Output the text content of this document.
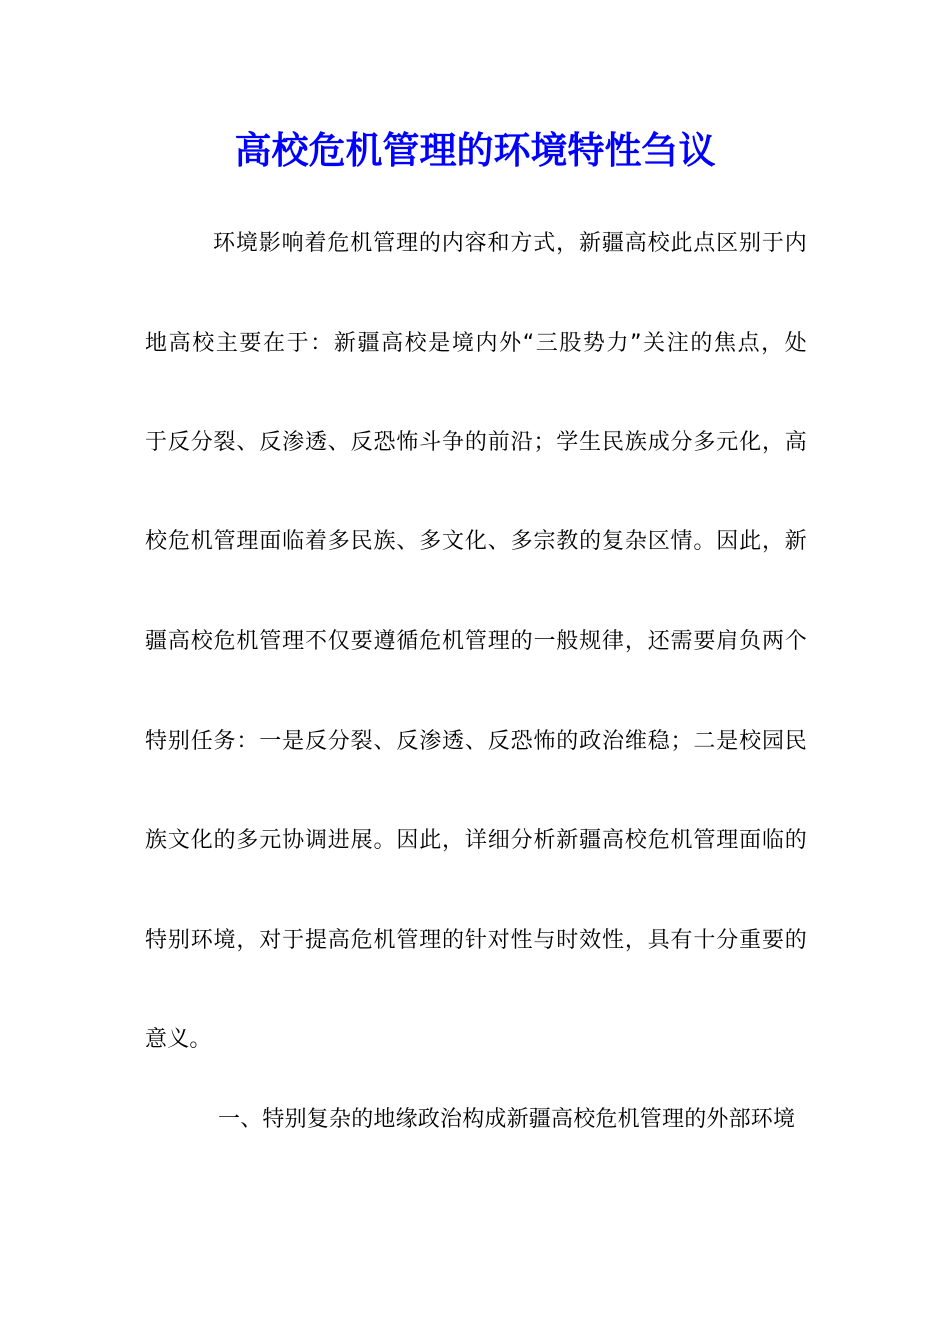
高校危机管理的环境特性刍议
环境影响着危机管理的内容和方式，新疆高校此点区别于内
地高校主要在于：新疆高校是境内外“三股势力”关注的焦点，处
于反分裂、反渗透、反恐怖斗争的前沿；学生民族成分多元化，高
校危机管理面临着多民族、多文化、多宗教的复杂区情。因此，新
疆高校危机管理不仅要遵循危机管理的一般规律，还需要肩负两个
特别任务：一是反分裂、反渗透、反恐怖的政治维稳；二是校园民
族文化的多元协调进展。因此，详细分析新疆高校危机管理面临的
特别环境，对于提高危机管理的针对性与时效性，具有十分重要的
意义。
一、特别复杂的地缘政治构成新疆高校危机管理的外部环境
